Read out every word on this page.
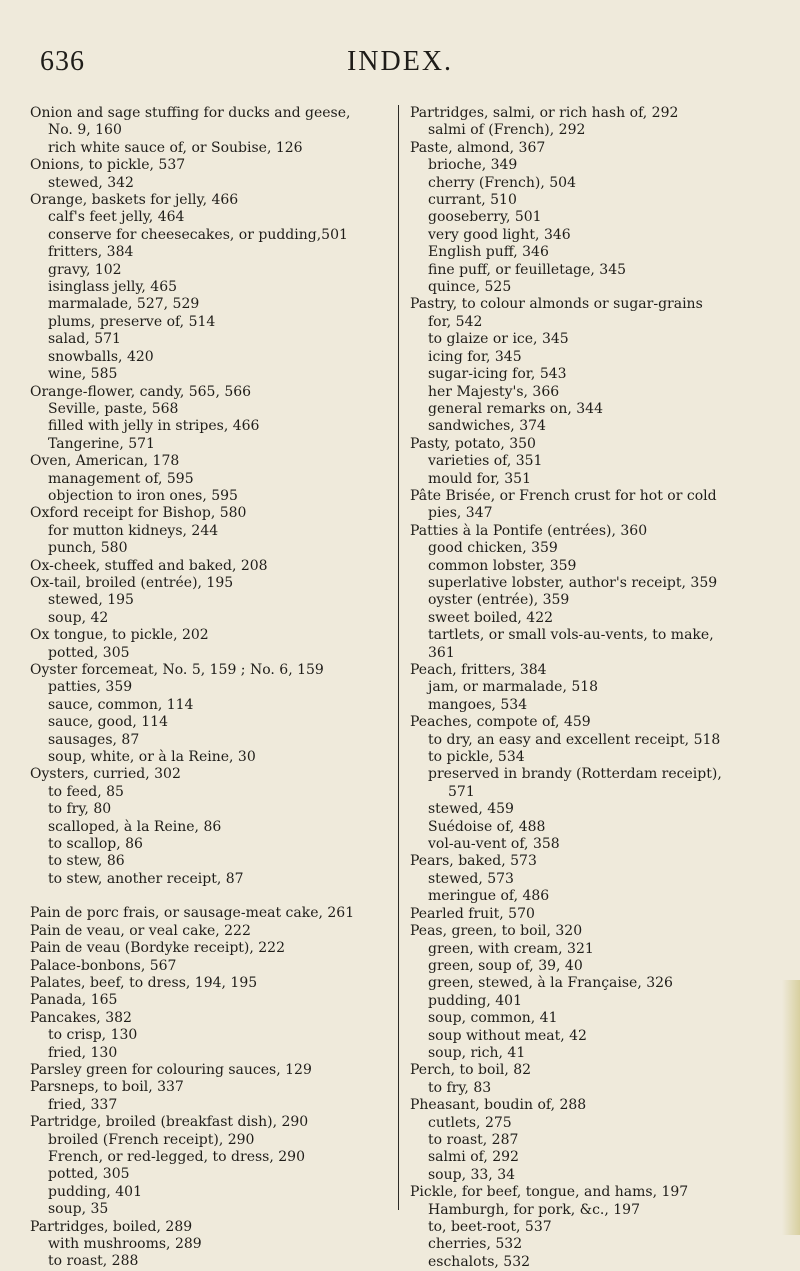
636	INDEX.
Onion and sage stuffing for ducks and geese,
No. 9, 160
rich white sauce of, or Soubise, 126
Onions, to pickle, 537
stewed, 342
Orange, baskets for jelly, 466
calf's feet jelly, 464
conserve for cheesecakes, or pudding,501
fritters, 384
gravy, 102
isinglass jelly, 465
marmalade, 527, 529
plums, preserve of, 514
salad, 571
snowballs, 420
wine, 585
Orange-flower, candy, 565, 566
Seville, paste, 568
filled with jelly in stripes, 466
Tangerine, 571
Oven, American, 178
management of, 595
objection to iron ones, 595
Oxford receipt for Bishop, 580
for mutton kidneys, 244
punch, 580
Ox-cheek, stuffed and baked, 208
Ox-tail, broiled (entrée), 195
stewed, 195
soup, 42
Ox tongue, to pickle, 202
potted, 305
Oyster forcemeat, No. 5, 159 ; No. 6, 159
patties, 359
sauce, common, 114
sauce, good, 114
sausages, 87
soup, white, or à la Reine, 30
Oysters, curried, 302
to feed, 85
to fry, 80
scalloped, à la Reine, 86
to scallop, 86
to stew, 86
to stew, another receipt, 87
Pain de porc frais, or sausage-meat cake, 261
Pain de veau, or veal cake, 222
Pain de veau (Bordyke receipt), 222
Palace-bonbons, 567
Palates, beef, to dress, 194, 195
Panada, 165
Pancakes, 382
to crisp, 130
fried, 130
Parsley green for colouring sauces, 129
Parsneps, to boil, 337
fried, 337
Partridge, broiled (breakfast dish), 290
broiled (French receipt), 290
French, or red-legged, to dress, 290
potted, 305
pudding, 401
soup, 35
Partridges, boiled, 289
with mushrooms, 289
to roast, 288
Partridges, salmi, or rich hash of, 292
salmi of (French), 292
Paste, almond, 367
brioche, 349
cherry (French), 504
currant, 510
gooseberry, 501
very good light, 346
English puff, 346
fine puff, or feuilletage, 345
quince, 525
Pastry, to colour almonds or sugar-grains
for, 542
to glaize or ice, 345
icing for, 345
sugar-icing for, 543
her Majesty's, 366
general remarks on, 344
sandwiches, 374
Pasty, potato, 350
varieties of, 351
mould for, 351
Pâte Brisée, or French crust for hot or cold
pies, 347
Patties à la Pontife (entrées), 360
good chicken, 359
common lobster, 359
superlative lobster, author's receipt, 359
oyster (entrée), 359
sweet boiled, 422
tartlets, or small vols-au-vents, to make,
361
Peach, fritters, 384
jam, or marmalade, 518
mangoes, 534
Peaches, compote of, 459
to dry, an easy and excellent receipt, 518
to pickle, 534
preserved in brandy (Rotterdam receipt),
571
stewed, 459
Suédoise of, 488
vol-au-vent of, 358
Pears, baked, 573
stewed, 573
meringue of, 486
Pearled fruit, 570
Peas, green, to boil, 320
green, with cream, 321
green, soup of, 39, 40
green, stewed, à la Française, 326
pudding, 401
soup, common, 41
soup without meat, 42
soup, rich, 41
Perch, to boil, 82
to fry, 83
Pheasant, boudin of, 288
cutlets, 275
to roast, 287
salmi of, 292
soup, 33, 34
Pickle, for beef, tongue, and hams, 197
Hamburgh, for pork, &c., 197
to, beet-root, 537
cherries, 532
eschalots, 532
